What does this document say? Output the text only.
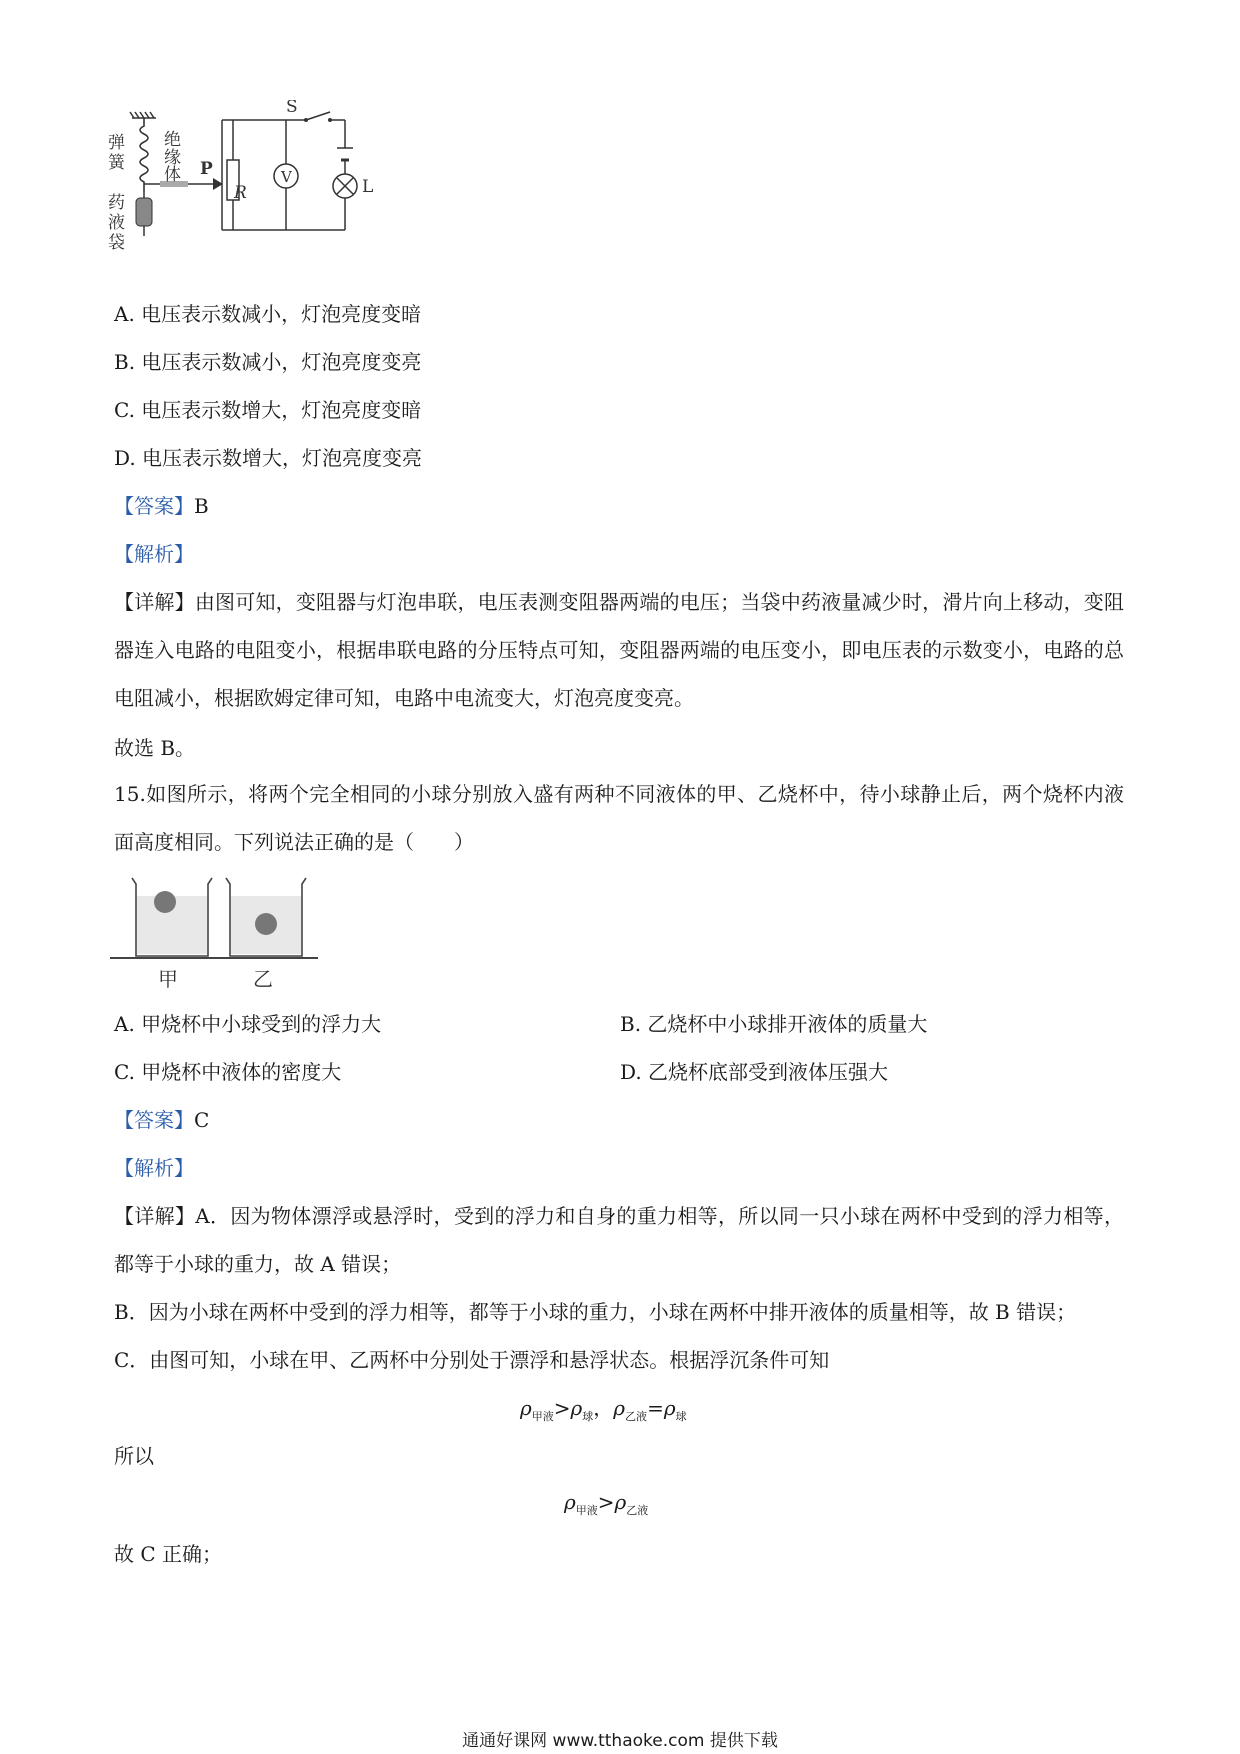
弹
簧
绝
缘
体
药
液
袋
S
P
R
V	L
A. 电压表示数减小，灯泡亮度变暗
B. 电压表示数减小，灯泡亮度变亮
C. 电压表示数增大，灯泡亮度变暗
D. 电压表示数增大，灯泡亮度变亮
【答案】B
【解析】
【详解】由图可知，变阻器与灯泡串联，电压表测变阻器两端的电压；当袋中药液量减少时，滑片向上移动，变阻器连入电路的电阻变小，根据串联电路的分压特点可知，变阻器两端的电压变小，即电压表的示数变小，电路的总电阻减小，根据欧姆定律可知，电路中电流变大，灯泡亮度变亮。
故选 B。
15.如图所示，将两个完全相同的小球分别放入盛有两种不同液体的甲、乙烧杯中，待小球静止后，两个烧杯内液面高度相同。下列说法正确的是（　　）
甲	乙
A. 甲烧杯中小球受到的浮力大	B. 乙烧杯中小球排开液体的质量大
C. 甲烧杯中液体的密度大	D. 乙烧杯底部受到液体压强大
【答案】C
【解析】
【详解】A．因为物体漂浮或悬浮时，受到的浮力和自身的重力相等，所以同一只小球在两杯中受到的浮力相等，都等于小球的重力，故 A 错误；
B．因为小球在两杯中受到的浮力相等，都等于小球的重力，小球在两杯中排开液体的质量相等，故 B 错误；
C．由图可知，小球在甲、乙两杯中分别处于漂浮和悬浮状态。根据浮沉条件可知
$\rho_{甲液}>\rho_球$，$\rho_{乙液}=\rho_球$
所以
$\rho_{甲液}>\rho_{乙液}$
故 C 正确；
通通好课网 www.tthaoke.com 提供下载
